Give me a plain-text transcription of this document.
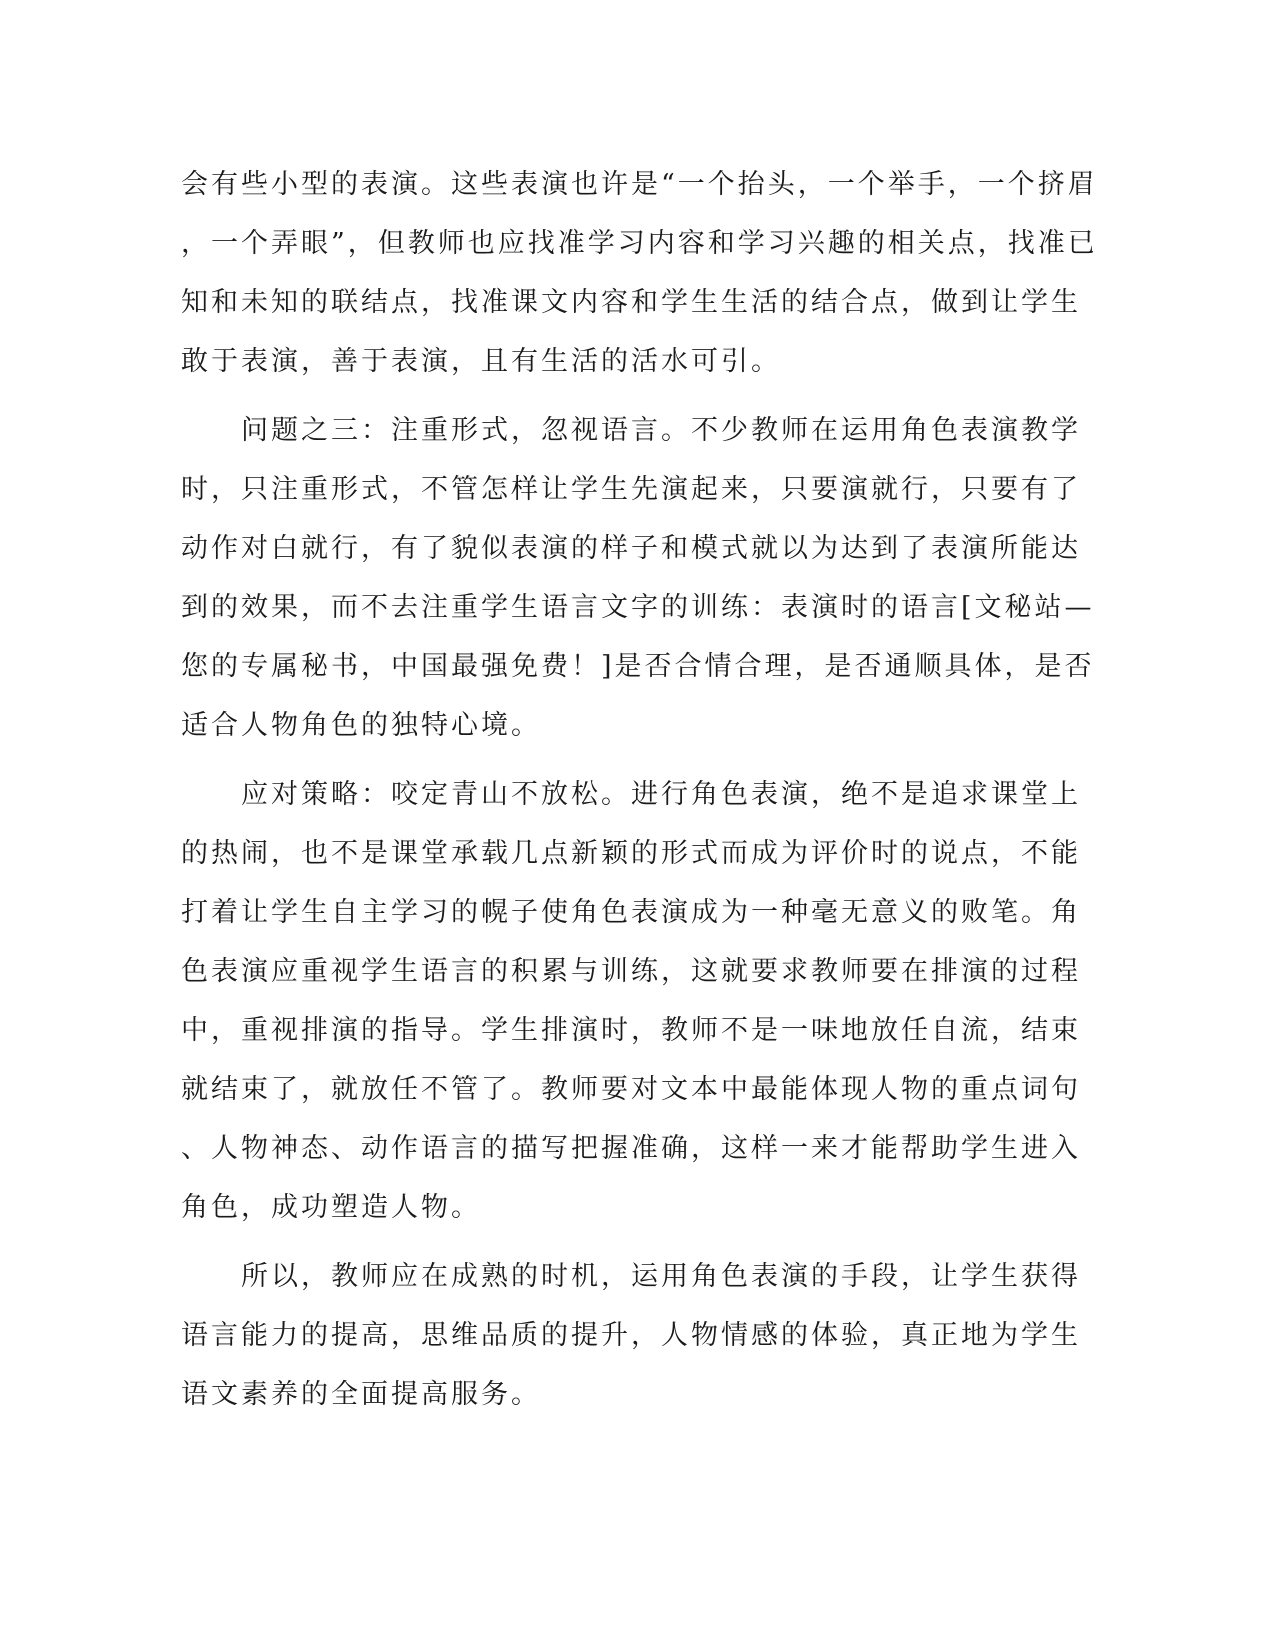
会有些小型的表演。这些表演也许是“一个抬头，一个举手，一个挤眉
，一个弄眼”，但教师也应找准学习内容和学习兴趣的相关点，找准已
知和未知的联结点，找准课文内容和学生生活的结合点，做到让学生
敢于表演，善于表演，且有生活的活水可引。
　　问题之三：注重形式，忽视语言。不少教师在运用角色表演教学
时，只注重形式，不管怎样让学生先演起来，只要演就行，只要有了
动作对白就行，有了貌似表演的样子和模式就以为达到了表演所能达
到的效果，而不去注重学生语言文字的训练：表演时的语言[文秘站—
您的专属秘书，中国最强免费！]是否合情合理，是否通顺具体，是否
适合人物角色的独特心境。
　　应对策略：咬定青山不放松。进行角色表演，绝不是追求课堂上
的热闹，也不是课堂承载几点新颖的形式而成为评价时的说点，不能
打着让学生自主学习的幌子使角色表演成为一种毫无意义的败笔。角
色表演应重视学生语言的积累与训练，这就要求教师要在排演的过程
中，重视排演的指导。学生排演时，教师不是一味地放任自流，结束
就结束了，就放任不管了。教师要对文本中最能体现人物的重点词句
、人物神态、动作语言的描写把握准确，这样一来才能帮助学生进入
角色，成功塑造人物。
　　所以，教师应在成熟的时机，运用角色表演的手段，让学生获得
语言能力的提高，思维品质的提升，人物情感的体验，真正地为学生
语文素养的全面提高服务。
